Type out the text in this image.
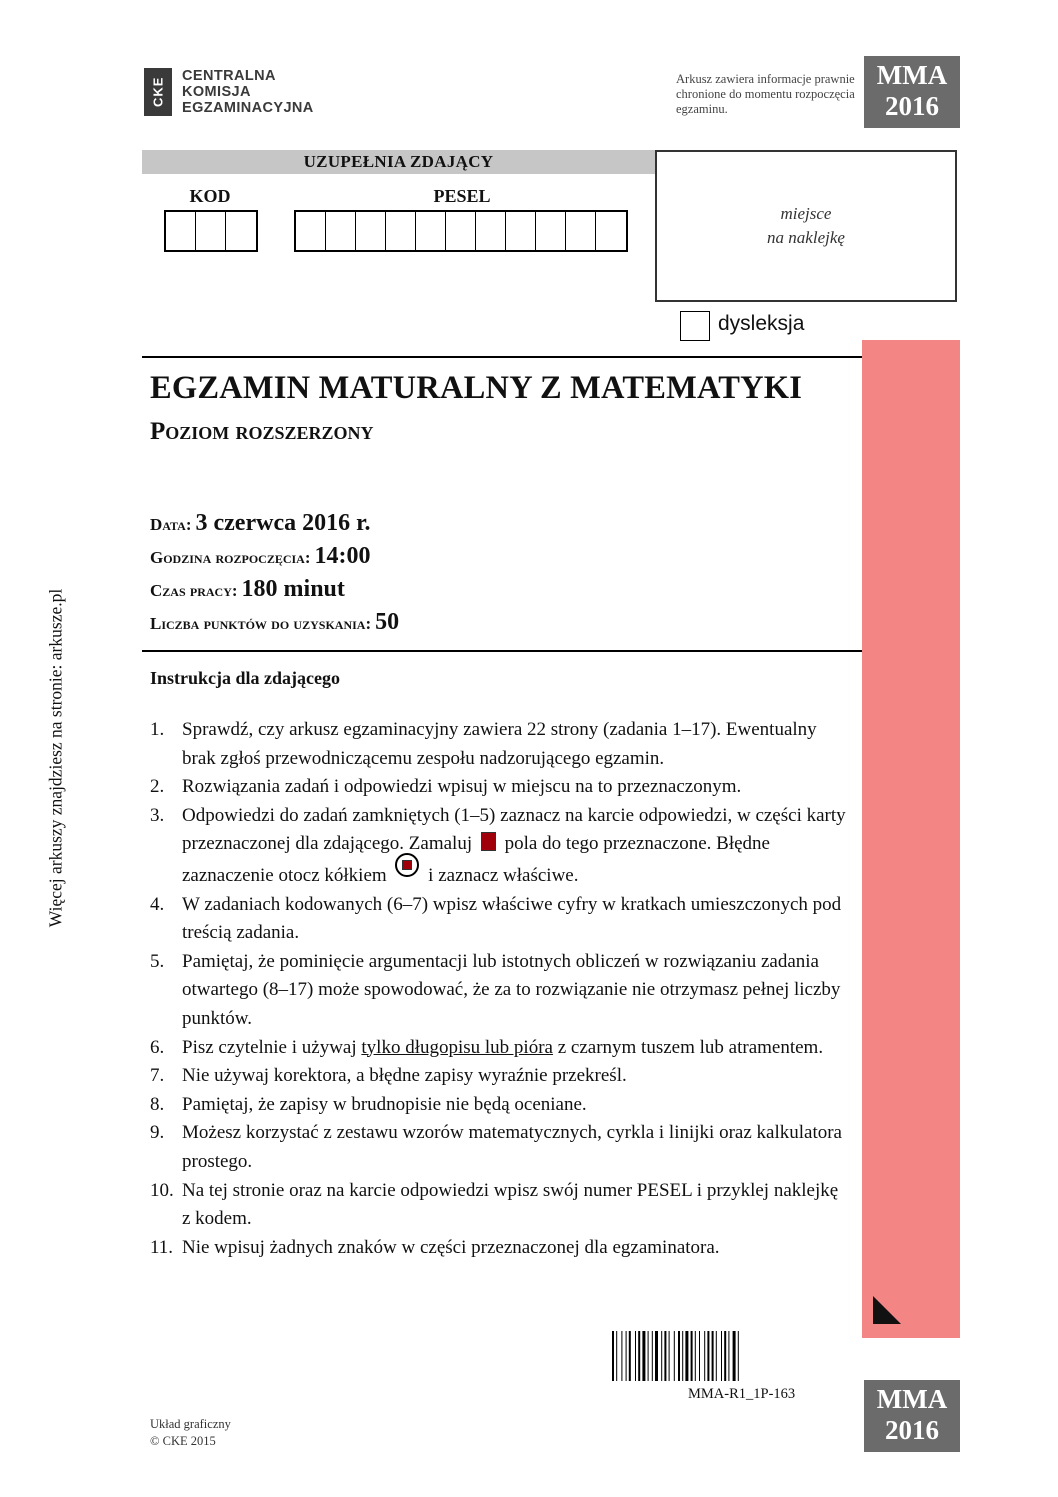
CKE
CENTRALNA
KOMISJA
EGZAMINACYJNA
Arkusz zawiera informacje prawnie chronione do momentu rozpoczęcia egzaminu.
MMA
2016
UZUPEŁNIA ZDAJĄCY
KOD	PESEL
miejsce
na naklejkę
dysleksja
EGZAMIN MATURALNY Z MATEMATYKI
Poziom rozszerzony
Data: 3 czerwca 2016 r.
Godzina rozpoczęcia: 14:00
Czas pracy: 180 minut
Liczba punktów do uzyskania: 50
Instrukcja dla zdającego
1. Sprawdź, czy arkusz egzaminacyjny zawiera 22 strony (zadania 1–17). Ewentualny brak zgłoś przewodniczącemu zespołu nadzorującego egzamin.
2. Rozwiązania zadań i odpowiedzi wpisuj w miejscu na to przeznaczonym.
3. Odpowiedzi do zadań zamkniętych (1–5) zaznacz na karcie odpowiedzi, w części karty przeznaczonej dla zdającego. Zamaluj pola do tego przeznaczone. Błędne zaznaczenie otocz kółkiem i zaznacz właściwe.
4. W zadaniach kodowanych (6–7) wpisz właściwe cyfry w kratkach umieszczonych pod treścią zadania.
5. Pamiętaj, że pominięcie argumentacji lub istotnych obliczeń w rozwiązaniu zadania otwartego (8–17) może spowodować, że za to rozwiązanie nie otrzymasz pełnej liczby punktów.
6. Pisz czytelnie i używaj tylko długopisu lub pióra z czarnym tuszem lub atramentem.
7. Nie używaj korektora, a błędne zapisy wyraźnie przekreśl.
8. Pamiętaj, że zapisy w brudnopisie nie będą oceniane.
9. Możesz korzystać z zestawu wzorów matematycznych, cyrkla i linijki oraz kalkulatora prostego.
10. Na tej stronie oraz na karcie odpowiedzi wpisz swój numer PESEL i przyklej naklejkę z kodem.
11. Nie wpisuj żadnych znaków w części przeznaczonej dla egzaminatora.
Więcej arkuszy znajdziesz na stronie: arkusze.pl
MMA-R1_1P-163	MMA
2016
Układ graficzny
© CKE 2015
